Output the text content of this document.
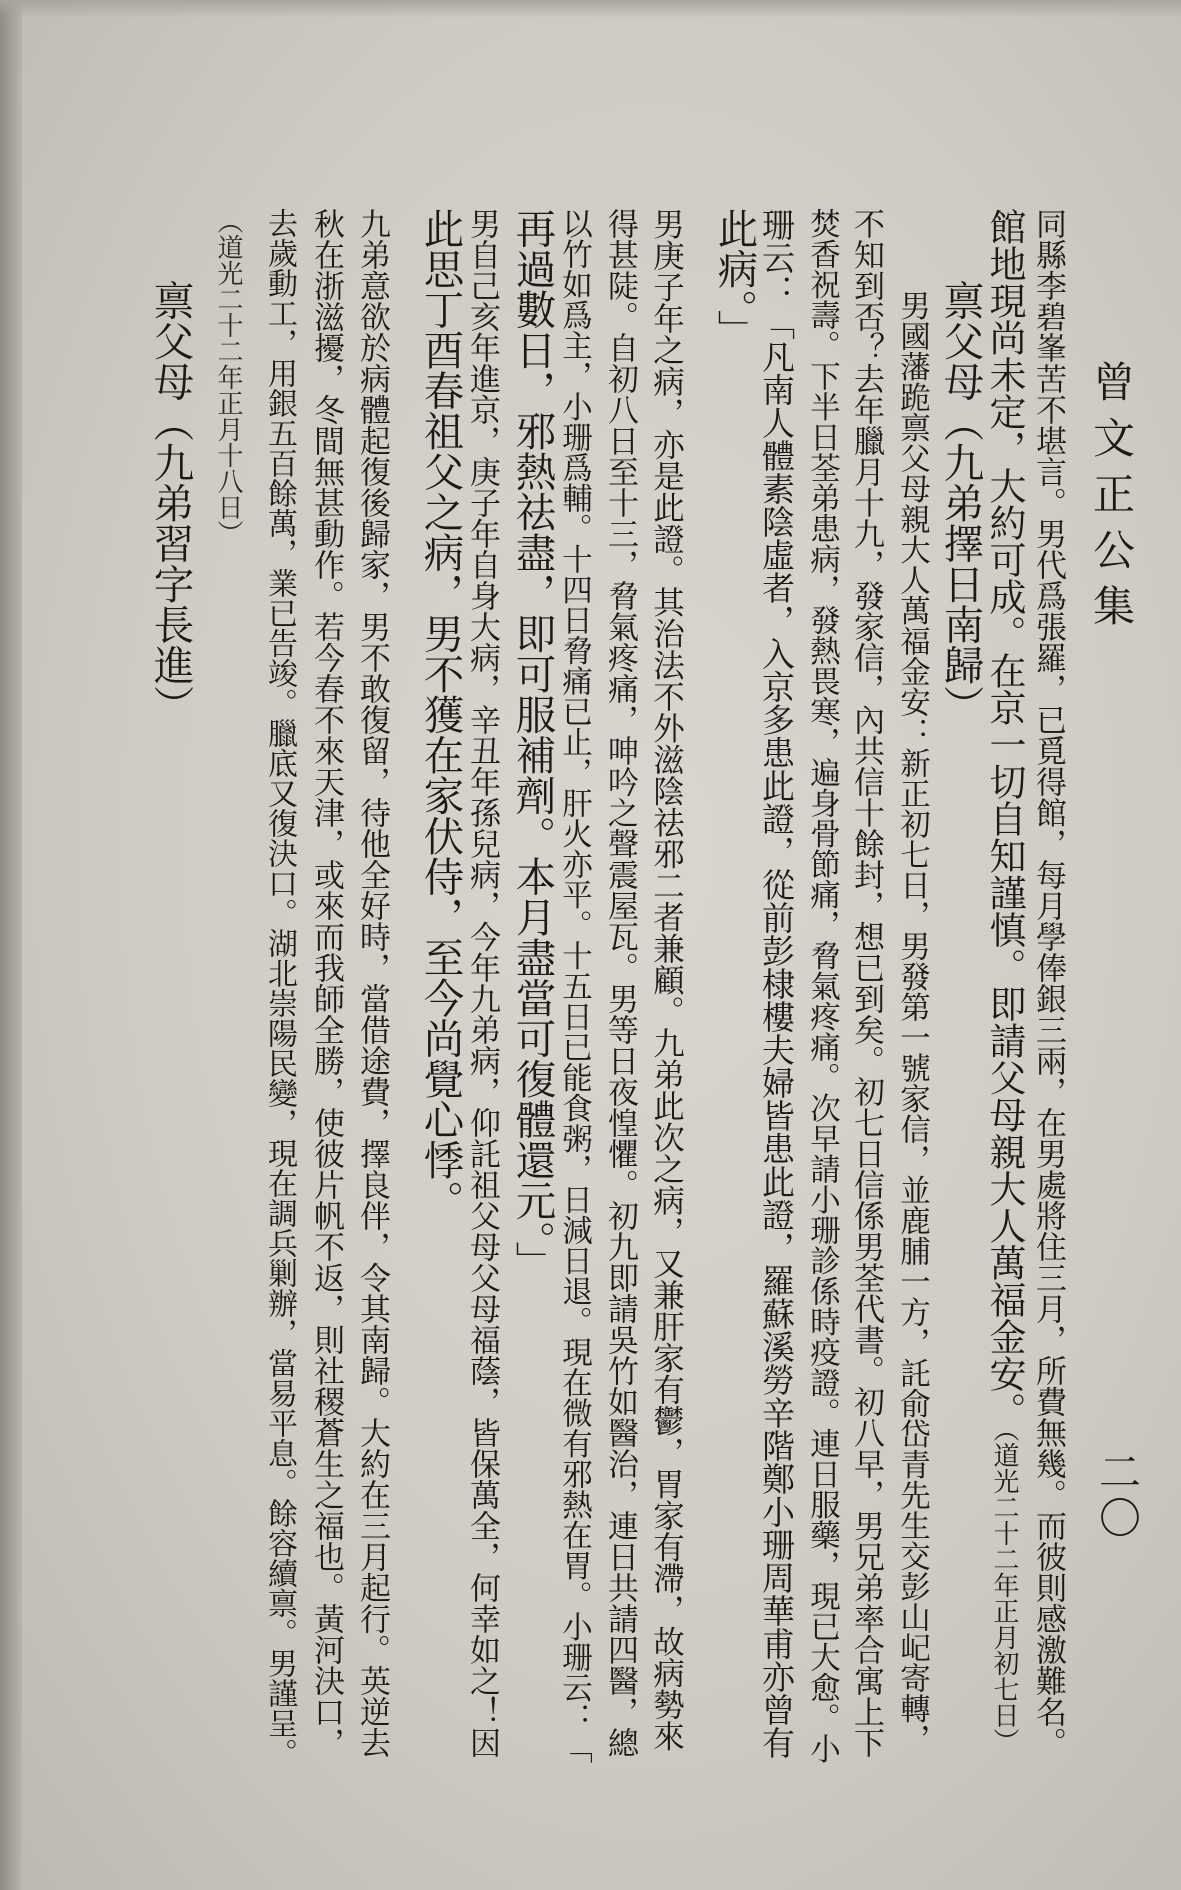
曾文正公集
二〇
同縣李碧峯苦不堪言。男代爲張羅，已覓得館，每月學俸銀三兩，在男處將住三月，所費無幾。而彼則感激難名。
館地現尚未定，大約可成。在京一切自知謹慎。即請父母親大人萬福金安。（道光二十二年正月初七日）
禀父母（九弟擇日南歸）
男國藩跪禀父母親大人萬福金安：新正初七日，男發第一號家信，並鹿脯一方，託俞岱青先生交彭山屺寄轉，
不知到否？去年臘月十九，發家信，內共信十餘封，想已到矣。初七日信係男荃代書。初八早，男兄弟率合寓上下
焚香祝壽。下半日荃弟患病，發熱畏寒，遍身骨節痛，脅氣疼痛。次早請小珊診係時疫證。連日服藥，現已大愈。小
珊云：「凡南人體素陰虛者，入京多患此證，從前彭棣樓夫婦皆患此證，羅蘇溪勞辛階鄭小珊周華甫亦曾有
此病。」
男庚子年之病，亦是此證。其治法不外滋陰祛邪二者兼顧。九弟此次之病，又兼肝家有鬱，胃家有滯，故病勢來
得甚陡。自初八日至十三，脅氣疼痛，呻吟之聲震屋瓦。男等日夜惶懼。初九即請吳竹如醫治，連日共請四醫，總
以竹如爲主，小珊爲輔。十四日脅痛已止，肝火亦平。十五日已能食粥，日減日退。現在微有邪熱在胃。小珊云：「
再過數日，邪熱祛盡，即可服補劑。本月盡當可復體還元。」
男自己亥年進京，庚子年自身大病，辛丑年孫兒病，今年九弟病，仰託祖父母父母福蔭，皆保萬全，何幸如之！因
此思丁酉春祖父之病，男不獲在家伏侍，至今尚覺心悸。
九弟意欲於病體起復後歸家，男不敢復留，待他全好時，當借途費，擇良伴，令其南歸。大約在三月起行。英逆去
秋在浙滋擾，冬間無甚動作。若今春不來天津，或來而我師全勝，使彼片帆不返，則社稷蒼生之福也。黃河決口，
去歲動工，用銀五百餘萬，業已告竣。臘底又復決口。湖北崇陽民變，現在調兵剿辦，當易平息。餘容續禀。男謹呈。
（道光二十二年正月十八日）
禀父母（九弟習字長進）
